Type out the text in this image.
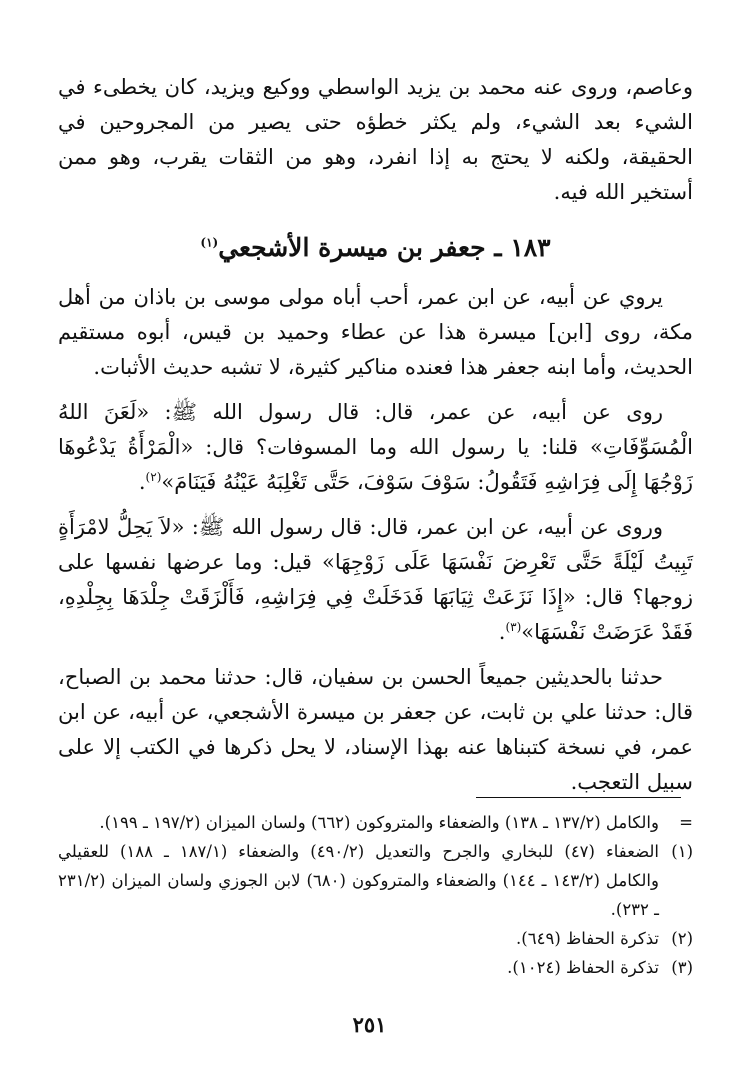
وعاصم، وروى عنه محمد بن يزيد الواسطي ووكيع ويزيد، كان يخطىء في الشيء بعد الشيء، ولم يكثر خطؤه حتى يصير من المجروحين في الحقيقة، ولكنه لا يحتج به إذا انفرد، وهو من الثقات يقرب، وهو ممن أستخير الله فيه.

١٨٣ ـ جعفر بن ميسرة الأشجعي$^{(١)}$

يروي عن أبيه، عن ابن عمر، أحب أباه مولى موسى بن باذان من أهل مكة، روى [ابن] ميسرة هذا عن عطاء وحميد بن قيس، أبوه مستقيم الحديث، وأما ابنه جعفر هذا فعنده مناكير كثيرة، لا تشبه حديث الأثبات.

روى عن أبيه، عن عمر، قال: قال رسول الله ﷺ: «لَعَنَ اللهُ الْمُسَوِّفَاتِ» قلنا: يا رسول الله وما المسوفات؟ قال: «الْمَرْأَةُ يَدْعُوهَا زَوْجُهَا إِلَى فِرَاشِهِ فَتَقُولُ: سَوْفَ سَوْفَ، حَتَّى تَغْلِبَهُ عَيْنُهُ فَيَنَامَ»$^{(٢)}$.

وروى عن أبيه، عن ابن عمر، قال: قال رسول الله ﷺ: «لاَ يَحِلُّ لامْرَأَةٍ تَبِيتُ لَيْلَةً حَتَّى تَعْرِضَ نَفْسَهَا عَلَى زَوْجِهَا» قيل: وما عرضها نفسها على زوجها؟ قال: «إِذَا نَزَعَتْ ثِيَابَهَا فَدَخَلَتْ فِي فِرَاشِهِ، فَأَلْزَقَتْ جِلْدَهَا بِجِلْدِهِ، فَقَدْ عَرَضَتْ نَفْسَهَا»$^{(٣)}$.

حدثنا بالحديثين جميعاً الحسن بن سفيان، قال: حدثنا محمد بن الصباح، قال: حدثنا علي بن ثابت، عن جعفر بن ميسرة الأشجعي، عن أبيه، عن ابن عمر، في نسخة كتبناها عنه بهذا الإسناد، لا يحل ذكرها في الكتب إلا على سبيل التعجب.

=
والكامل (١٣٧/٢ ـ ١٣٨) والضعفاء والمتروكون (٦٦٢) ولسان الميزان (١٩٧/٢ ـ ١٩٩).
(١)
الضعفاء (٤٧) للبخاري والجرح والتعديل (٤٩٠/٢) والضعفاء (١٨٧/١ ـ ١٨٨) للعقيلي والكامل (١٤٣/٢ ـ ١٤٤) والضعفاء والمتروكون (٦٨٠) لابن الجوزي ولسان الميزان (٢٣١/٢ ـ ٢٣٢).
(٢)
تذكرة الحفاظ (٦٤٩).
(٣)
تذكرة الحفاظ (١٠٢٤).
٢٥١
